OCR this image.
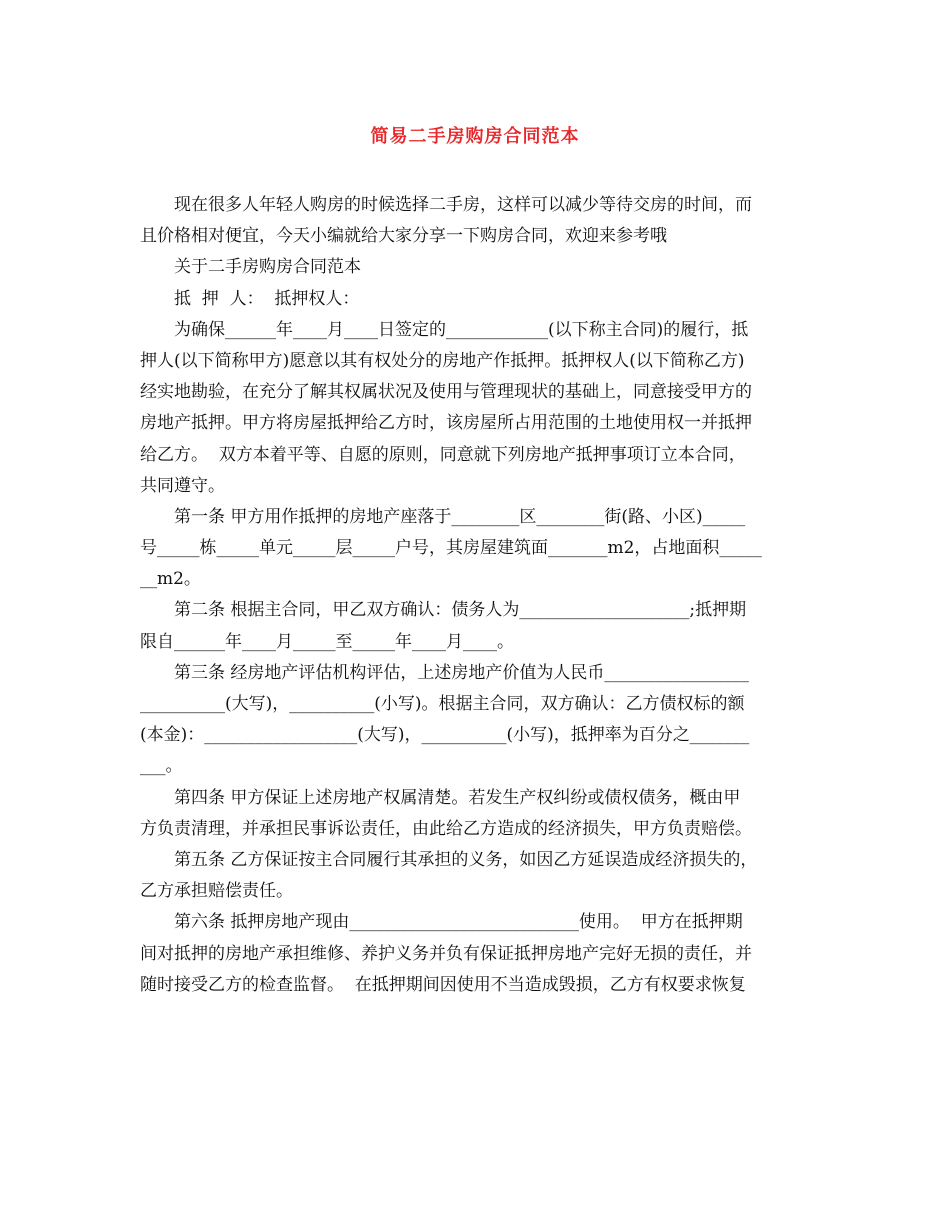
简易二手房购房合同范本
现在很多人年轻人购房的时候选择二手房，这样可以减少等待交房的时间，而
且价格相对便宜，今天小编就给大家分享一下购房合同，欢迎来参考哦
关于二手房购房合同范本
抵  押  人：  抵押权人：
为确保______年____月____日签定的____________(以下称主合同)的履行，抵
押人(以下简称甲方)愿意以其有权处分的房地产作抵押。抵押权人(以下简称乙方)
经实地勘验，在充分了解其权属状况及使用与管理现状的基础上，同意接受甲方的
房地产抵押。甲方将房屋抵押给乙方时，该房屋所占用范围的土地使用权一并抵押
给乙方。  双方本着平等、自愿的原则，同意就下列房地产抵押事项订立本合同，
共同遵守。
第一条 甲方用作抵押的房地产座落于________区________街(路、小区)_____
号_____栋_____单元_____层_____户号，其房屋建筑面_______m2，占地面积_____
__m2。
第二条 根据主合同，甲乙双方确认：债务人为____________________;抵押期
限自______年____月_____至_____年____月____。
第三条 经房地产评估机构评估，上述房地产价值为人民币_________________
__________(大写)，__________(小写)。根据主合同，双方确认：乙方债权标的额
(本金)：__________________(大写)，__________(小写)，抵押率为百分之_______
___。
第四条 甲方保证上述房地产权属清楚。若发生产权纠纷或债权债务，概由甲
方负责清理，并承担民事诉讼责任，由此给乙方造成的经济损失，甲方负责赔偿。
第五条 乙方保证按主合同履行其承担的义务，如因乙方延误造成经济损失的，
乙方承担赔偿责任。
第六条 抵押房地产现由___________________________使用。  甲方在抵押期
间对抵押的房地产承担维修、养护义务并负有保证抵押房地产完好无损的责任，并
随时接受乙方的检查监督。  在抵押期间因使用不当造成毁损，乙方有权要求恢复
